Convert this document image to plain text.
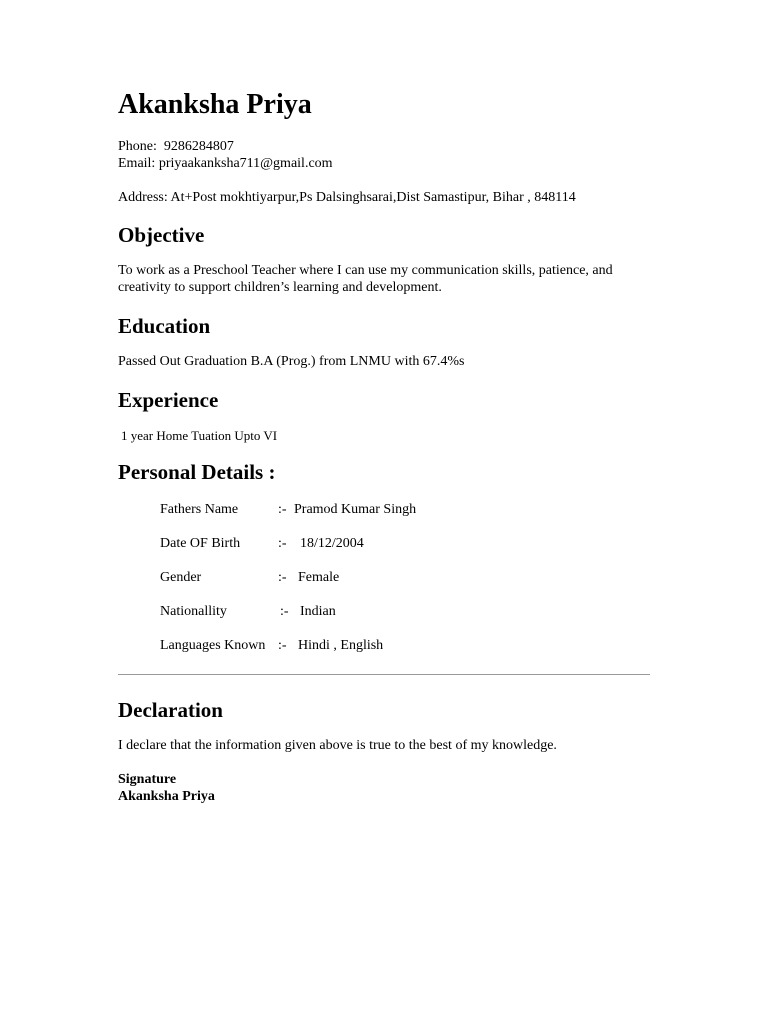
Akanksha Priya
Phone: 9286284807
Email: priyaakanksha711@gmail.com
Address: At+Post mokhtiyarpur,Ps Dalsinghsarai,Dist Samastipur, Bihar , 848114
Objective
To work as a Preschool Teacher where I can use my communication skills, patience, and creativity to support children’s learning and development.
Education
Passed Out Graduation B.A (Prog.) from LNMU with 67.4%s
Experience
1 year Home Tuation Upto VI
Personal Details :
Fathers Name	:- Pramod Kumar Singh
Date OF Birth	:- 18/12/2004
Gender	:- Female
Nationallity	:- Indian
Languages Known :- Hindi , English
Declaration
I declare that the information given above is true to the best of my knowledge.
Signature
Akanksha Priya
